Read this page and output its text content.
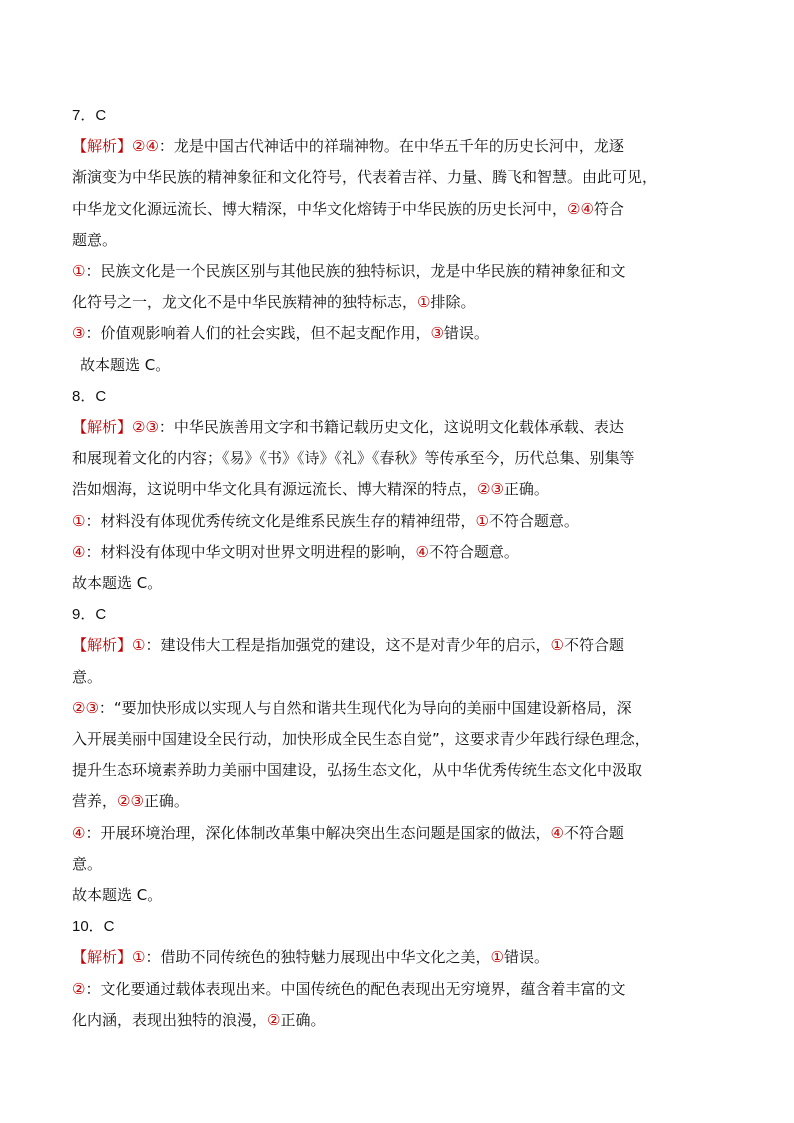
7．C

【解析】②④：龙是中国古代神话中的祥瑞神物。在中华五千年的历史长河中，龙逐

渐演变为中华民族的精神象征和文化符号，代表着吉祥、力量、腾飞和智慧。由此可见，

中华龙文化源远流长、博大精深，中华文化熔铸于中华民族的历史长河中，②④符合

题意。

①：民族文化是一个民族区别与其他民族的独特标识，龙是中华民族的精神象征和文

化符号之一，龙文化不是中华民族精神的独特标志，①排除。

③：价值观影响着人们的社会实践，但不起支配作用，③错误。

故本题选 C。

8．C

【解析】②③：中华民族善用文字和书籍记载历史文化，这说明文化载体承载、表达

和展现着文化的内容；《易》《书》《诗》《礼》《春秋》等传承至今，历代总集、别集等

浩如烟海，这说明中华文化具有源远流长、博大精深的特点，②③正确。

①：材料没有体现优秀传统文化是维系民族生存的精神纽带，①不符合题意。

④：材料没有体现中华文明对世界文明进程的影响，④不符合题意。

故本题选 C。

9．C

【解析】①：建设伟大工程是指加强党的建设，这不是对青少年的启示，①不符合题

意。

②③：“要加快形成以实现人与自然和谐共生现代化为导向的美丽中国建设新格局，深

入开展美丽中国建设全民行动，加快形成全民生态自觉”，这要求青少年践行绿色理念，

提升生态环境素养助力美丽中国建设，弘扬生态文化，从中华优秀传统生态文化中汲取

营养，②③正确。

④：开展环境治理，深化体制改革集中解决突出生态问题是国家的做法，④不符合题

意。

故本题选 C。

10．C

【解析】①：借助不同传统色的独特魅力展现出中华文化之美，①错误。

②：文化要通过载体表现出来。中国传统色的配色表现出无穷境界，蕴含着丰富的文

化内涵，表现出独特的浪漫，②正确。
